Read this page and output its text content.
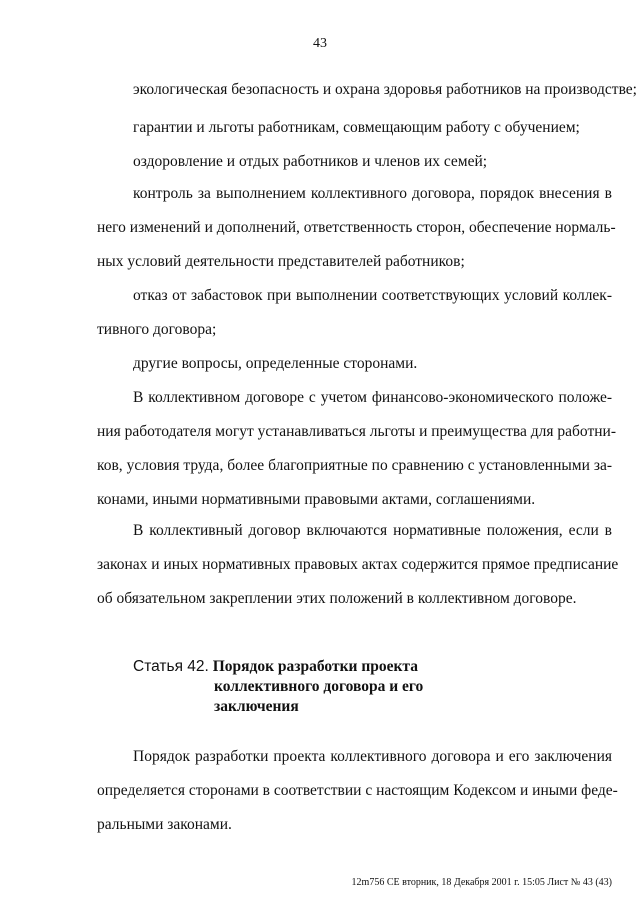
43
экологическая безопасность и охрана здоровья работников на производстве;
гарантии и льготы работникам, совмещающим работу с обучением;
оздоровление и отдых работников и членов их семей;
контроль за выполнением коллективного договора, порядок внесения в
него изменений и дополнений, ответственность сторон, обеспечение нормаль-
ных условий деятельности представителей работников;
отказ от забастовок при выполнении соответствующих условий коллек-
тивного договора;
другие вопросы, определенные сторонами.
В коллективном договоре с учетом финансово-экономического положе-
ния работодателя могут устанавливаться льготы и преимущества для работни-
ков, условия труда, более благоприятные по сравнению с установленными за-
конами, иными нормативными правовыми актами, соглашениями.
В коллективный договор включаются нормативные положения, если в
законах и иных нормативных правовых актах содержится прямое предписание
об обязательном закреплении этих положений в коллективном договоре.
Статья 42. Порядок разработки проекта
коллективного договора и его
заключения
Порядок разработки проекта коллективного договора и его заключения
определяется сторонами в соответствии с настоящим Кодексом и иными феде-
ральными законами.
12m756 СЕ вторник, 18 Декабря 2001 г. 15:05 Лист № 43 (43)
